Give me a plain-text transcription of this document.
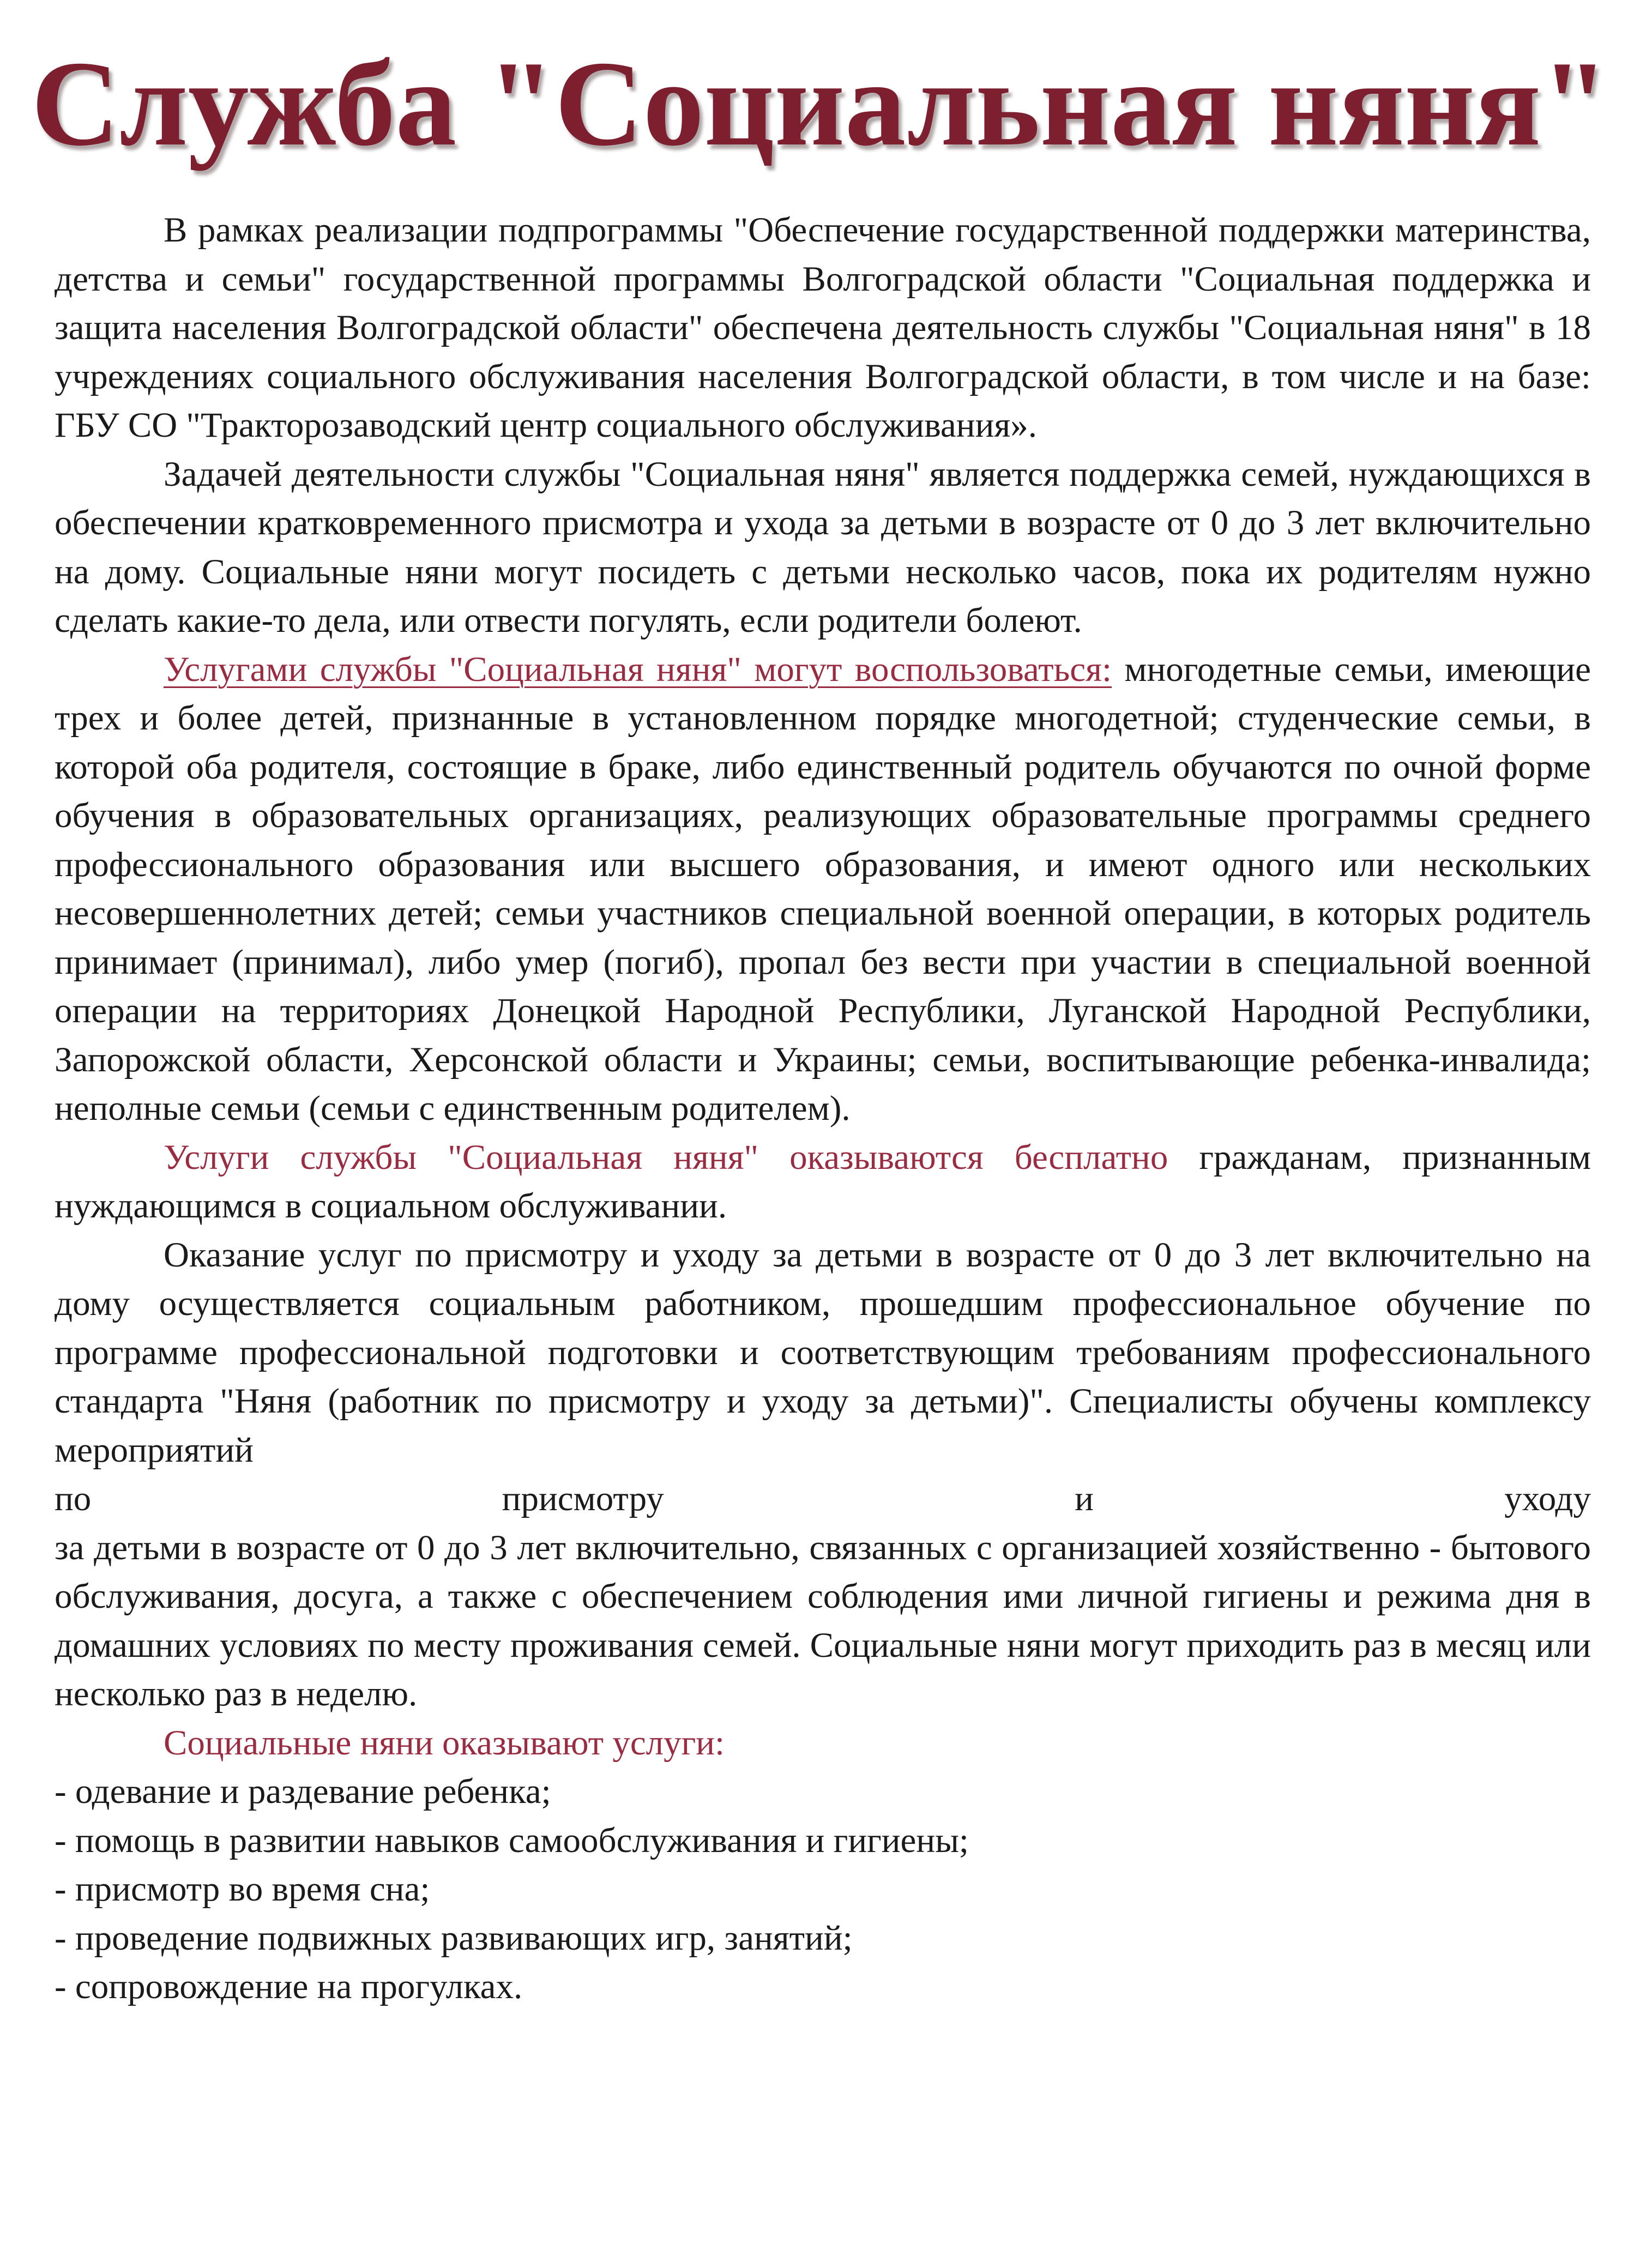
Служба "Социальная няня"

В рамках реализации подпрограммы "Обеспечение государственной поддержки материнства, детства и семьи" государственной программы Волгоградской области "Социальная поддержка и защита населения Волгоградской области" обеспечена деятельность службы "Социальная няня" в 18 учреждениях социального обслуживания населения Волгоградской области, в том числе и на базе: ГБУ СО "Тракторозаводский центр социального обслуживания».

Задачей деятельности службы "Социальная няня" является поддержка семей, нуждающихся в обеспечении кратковременного присмотра и ухода за детьми в возрасте от 0 до 3 лет включительно на дому. Социальные няни могут посидеть с детьми несколько часов, пока их родителям нужно сделать какие-то дела, или отвести погулять, если родители болеют.

Услугами службы "Социальная няня" могут воспользоваться: многодетные семьи, имеющие трех и более детей, признанные в установленном порядке многодетной; студенческие семьи, в которой оба родителя, состоящие в браке, либо единственный родитель обучаются по очной форме обучения в образовательных организациях, реализующих образовательные программы среднего профессионального образования или высшего образования, и имеют одного или нескольких несовершеннолетних детей; семьи участников специальной военной операции, в которых родитель принимает (принимал), либо умер (погиб), пропал без вести при участии в специальной военной операции на территориях Донецкой Народной Республики, Луганской Народной Республики, Запорожской области, Херсонской области и Украины; семьи, воспитывающие ребенка-инвалида; неполные семьи (семьи с единственным родителем).

Услуги службы "Социальная няня" оказываются бесплатно гражданам, признанным нуждающимся в социальном обслуживании.

Оказание услуг по присмотру и уходу за детьми в возрасте от 0 до 3 лет включительно на дому осуществляется социальным работником, прошедшим профессиональное обучение по программе профессиональной подготовки и соответствующим требованиям профессионального стандарта "Няня (работник по присмотру и уходу за детьми)". Специалисты обучены комплексу мероприятий

по	присмотру	и	уходу

за детьми в возрасте от 0 до 3 лет включительно, связанных с организацией хозяйственно - бытового обслуживания, досуга, а также с обеспечением соблюдения ими личной гигиены и режима дня в домашних условиях по месту проживания семей. Социальные няни могут приходить раз в месяц или несколько раз в неделю.

Социальные няни оказывают услуги:

- одевание и раздевание ребенка;
- помощь в развитии навыков самообслуживания и гигиены;
- присмотр во время сна;
- проведение подвижных развивающих игр, занятий;
- сопровождение на прогулках.
